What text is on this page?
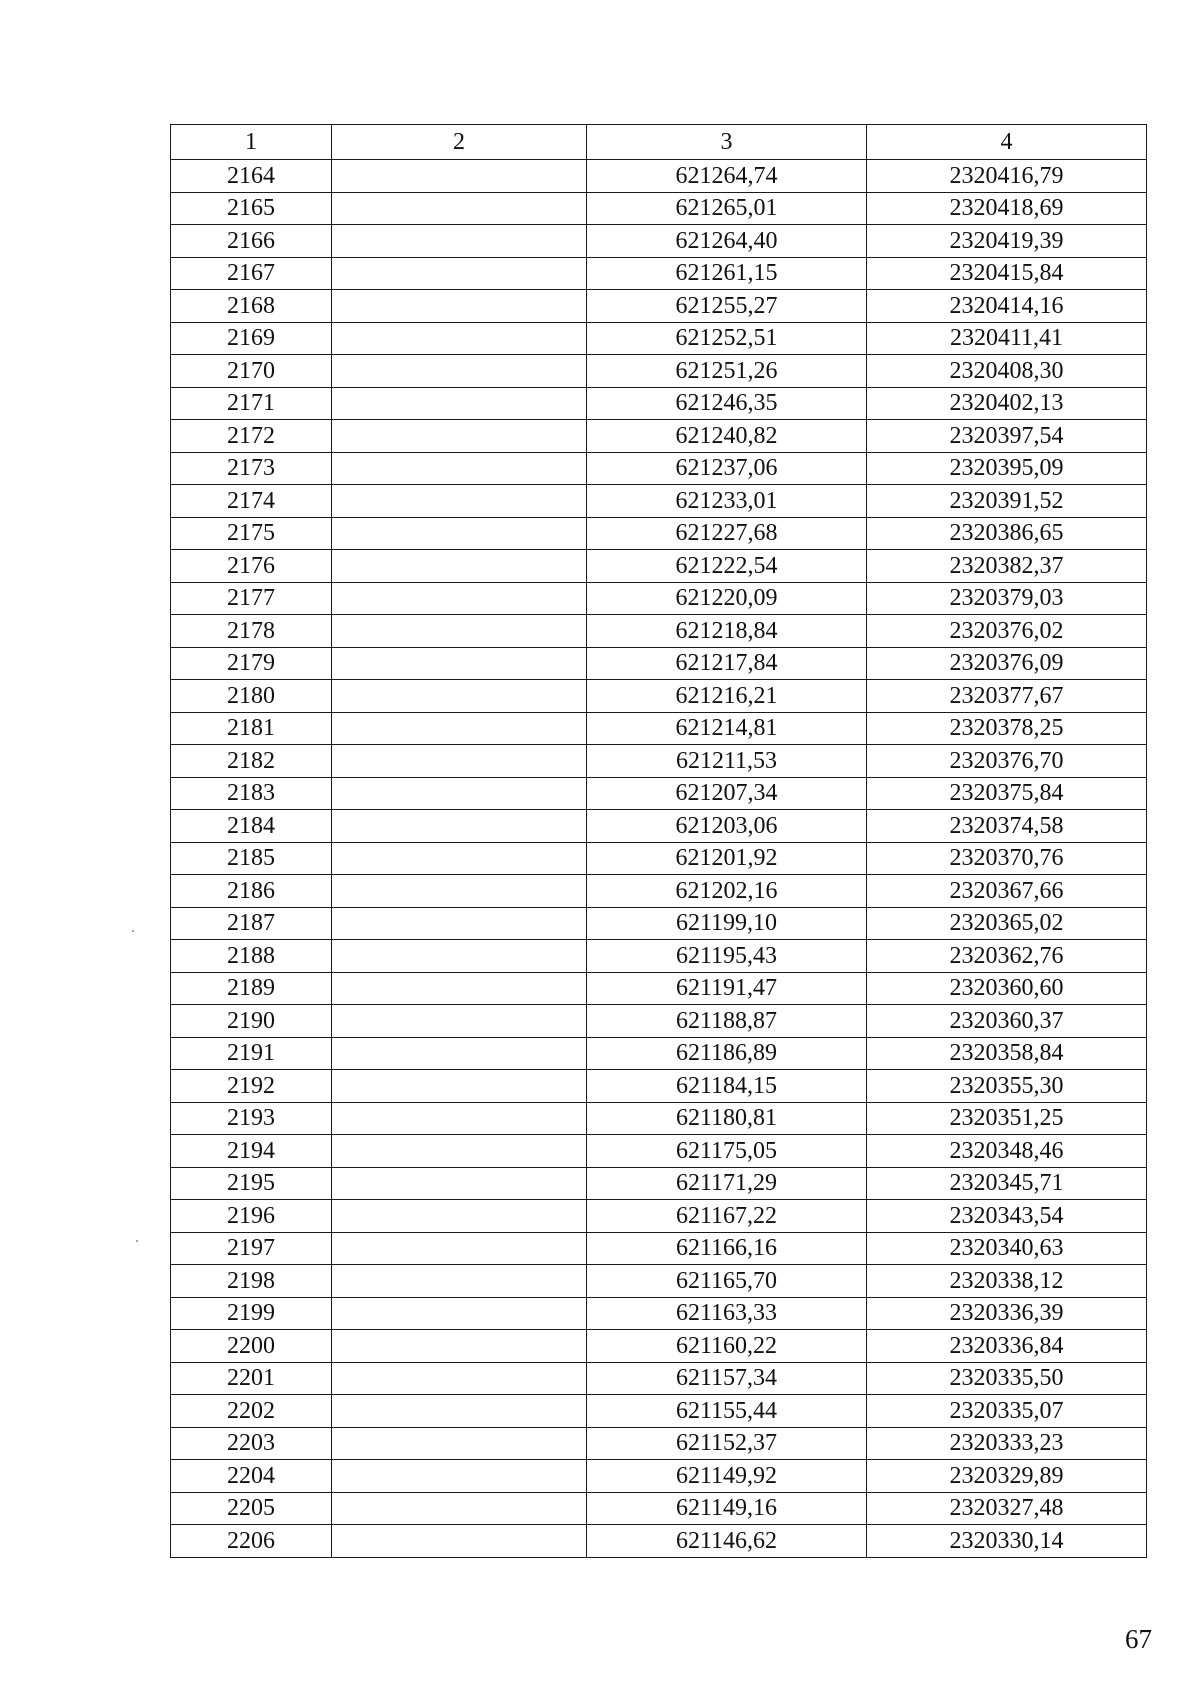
1	2	3	4
2164		621264,74	2320416,79
2165		621265,01	2320418,69
2166		621264,40	2320419,39
2167		621261,15	2320415,84
2168		621255,27	2320414,16
2169		621252,51	2320411,41
2170		621251,26	2320408,30
2171		621246,35	2320402,13
2172		621240,82	2320397,54
2173		621237,06	2320395,09
2174		621233,01	2320391,52
2175		621227,68	2320386,65
2176		621222,54	2320382,37
2177		621220,09	2320379,03
2178		621218,84	2320376,02
2179		621217,84	2320376,09
2180		621216,21	2320377,67
2181		621214,81	2320378,25
2182		621211,53	2320376,70
2183		621207,34	2320375,84
2184		621203,06	2320374,58
2185		621201,92	2320370,76
2186		621202,16	2320367,66
2187		621199,10	2320365,02
2188		621195,43	2320362,76
2189		621191,47	2320360,60
2190		621188,87	2320360,37
2191		621186,89	2320358,84
2192		621184,15	2320355,30
2193		621180,81	2320351,25
2194		621175,05	2320348,46
2195		621171,29	2320345,71
2196		621167,22	2320343,54
2197		621166,16	2320340,63
2198		621165,70	2320338,12
2199		621163,33	2320336,39
2200		621160,22	2320336,84
2201		621157,34	2320335,50
2202		621155,44	2320335,07
2203		621152,37	2320333,23
2204		621149,92	2320329,89
2205		621149,16	2320327,48
2206		621146,62	2320330,14
67
